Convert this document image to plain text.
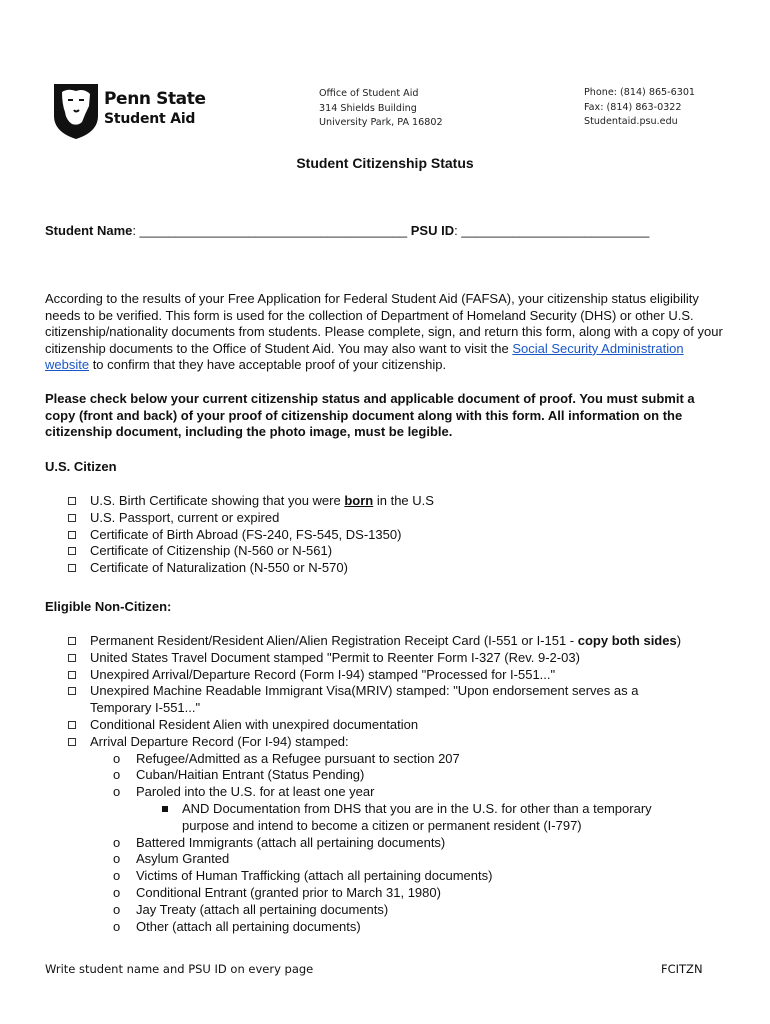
Penn State
Student Aid
Office of Student Aid
314 Shields Building
University Park, PA 16802
Phone: (814) 865-6301
Fax: (814) 863-0322
Studentaid.psu.edu
Student Citizenship Status
Student Name: _____________________________________ PSU ID: __________________________
According to the results of your Free Application for Federal Student Aid (FAFSA), your citizenship status eligibility needs to be verified. This form is used for the collection of Department of Homeland Security (DHS) or other U.S. citizenship/nationality documents from students. Please complete, sign, and return this form, along with a copy of your citizenship documents to the Office of Student Aid. You may also want to visit the Social Security Administration website to confirm that they have acceptable proof of your citizenship.
Please check below your current citizenship status and applicable document of proof. You must submit a copy (front and back) of your proof of citizenship document along with this form. All information on the citizenship document, including the photo image, must be legible.
U.S. Citizen
U.S. Birth Certificate showing that you were born in the U.S
U.S. Passport, current or expired
Certificate of Birth Abroad (FS-240, FS-545, DS-1350)
Certificate of Citizenship (N-560 or N-561)
Certificate of Naturalization (N-550 or N-570)
Eligible Non-Citizen:
Permanent Resident/Resident Alien/Alien Registration Receipt Card (I-551 or I-151 - copy both sides)
United States Travel Document stamped "Permit to Reenter Form I-327 (Rev. 9-2-03)
Unexpired Arrival/Departure Record (Form I-94) stamped "Processed for I-551..."
Unexpired Machine Readable Immigrant Visa(MRIV) stamped: "Upon endorsement serves as a Temporary I-551..."
Conditional Resident Alien with unexpired documentation
Arrival Departure Record (For I-94) stamped:
o Refugee/Admitted as a Refugee pursuant to section 207
o Cuban/Haitian Entrant (Status Pending)
o Paroled into the U.S. for at least one year
AND Documentation from DHS that you are in the U.S. for other than a temporary purpose and intend to become a citizen or permanent resident (I-797)
o Battered Immigrants (attach all pertaining documents)
o Asylum Granted
o Victims of Human Trafficking (attach all pertaining documents)
o Conditional Entrant (granted prior to March 31, 1980)
o Jay Treaty (attach all pertaining documents)
o Other (attach all pertaining documents)
Write student name and PSU ID on every page	FCITZN
